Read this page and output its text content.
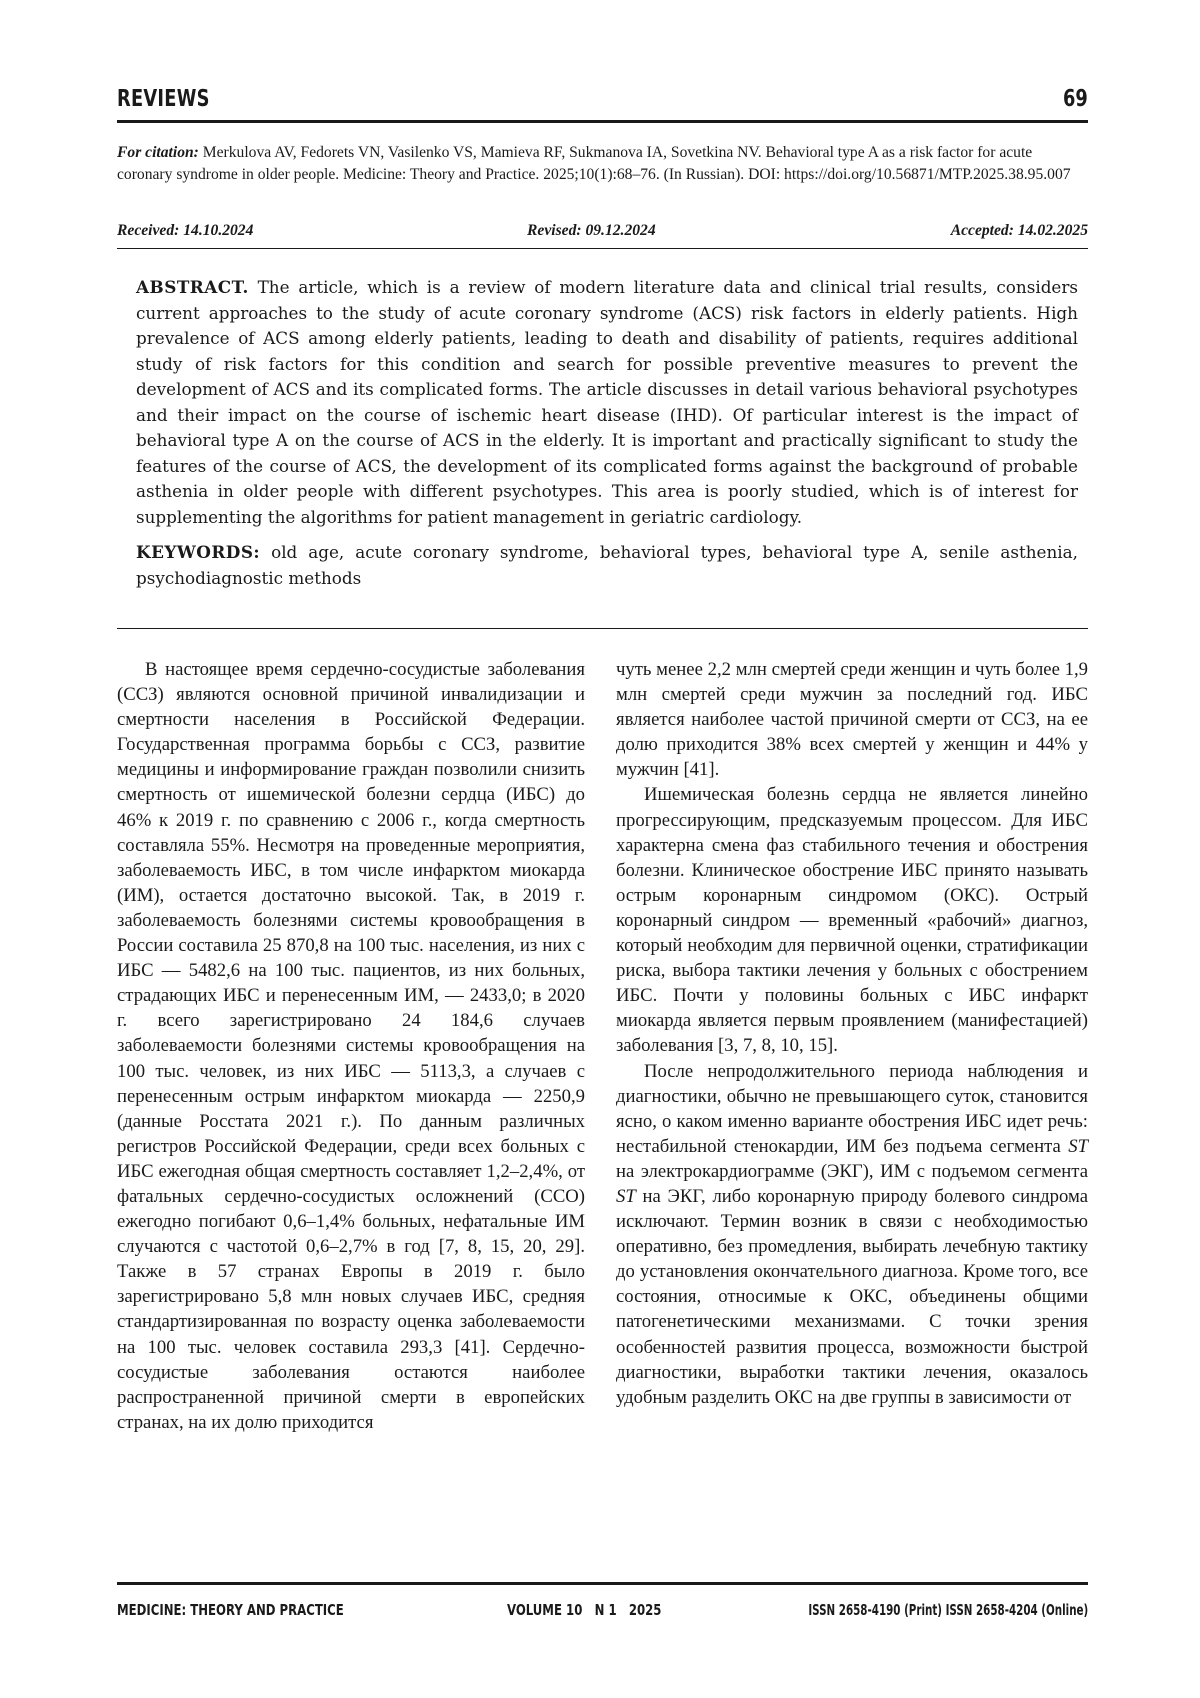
REVIEWS	69
For citation: Merkulova AV, Fedorets VN, Vasilenko VS, Mamieva RF, Sukmanova IA, Sovetkina NV. Behavioral type A as a risk factor for acute coronary syndrome in older people. Medicine: Theory and Practice. 2025;10(1):68–76. (In Russian). DOI: https://doi.org/10.56871/MTP.2025.38.95.007
Received: 14.10.2024	Revised: 09.12.2024	Accepted: 14.02.2025

ABSTRACT. The article, which is a review of modern literature data and clinical trial results, considers current approaches to the study of acute coronary syndrome (ACS) risk factors in elderly patients. High prevalence of ACS among elderly patients, leading to death and disability of patients, requires additional study of risk factors for this condition and search for possible preventive measures to prevent the development of ACS and its complicated forms. The article discusses in detail various behavioral psychotypes and their impact on the course of ischemic heart disease (IHD). Of particular interest is the impact of behavioral type A on the course of ACS in the elderly. It is important and practically significant to study the features of the course of ACS, the development of its complicated forms against the background of probable asthenia in older people with different psychotypes. This area is poorly studied, which is of interest for supplementing the algorithms for patient management in geriatric cardiology.

KEYWORDS: old age, acute coronary syndrome, behavioral types, behavioral type A, senile asthenia, psychodiagnostic methods

В настоящее время сердечно-сосудистые заболевания (ССЗ) являются основной причиной инвалидизации и смертности населения в Российской Федерации. Государственная программа борьбы с ССЗ, развитие медицины и информирование граждан позволили снизить смертность от ишемической болезни сердца (ИБС) до 46% к 2019 г. по сравнению с 2006 г., когда смертность составляла 55%. Несмотря на проведенные мероприятия, заболеваемость ИБС, в том числе инфарктом миокарда (ИМ), остается достаточно высокой. Так, в 2019 г. заболеваемость болезнями системы кровообращения в России составила 25 870,8 на 100 тыс. населения, из них с ИБС — 5482,6 на 100 тыс. пациентов, из них больных, страдающих ИБС и перенесенным ИМ, — 2433,0; в 2020 г. всего зарегистрировано 24 184,6 случаев заболеваемости болезнями системы кровообращения на 100 тыс. человек, из них ИБС — 5113,3, а случаев с перенесенным острым инфарктом миокарда — 2250,9 (данные Росстата 2021 г.). По данным различных регистров Российской Федерации, среди всех больных с ИБС ежегодная общая смертность составляет 1,2–2,4%, от фатальных сердечно-сосудистых осложнений (ССО) ежегодно погибают 0,6–1,4% больных, нефатальные ИМ случаются с частотой 0,6–2,7% в год [7, 8, 15, 20, 29]. Также в 57 странах Европы в 2019 г. было зарегистрировано 5,8 млн новых случаев ИБС, средняя стандартизированная по возрасту оценка заболеваемости на 100 тыс. человек составила 293,3 [41]. Сердечно-сосудистые заболевания остаются наиболее распространенной причиной смерти в европейских странах, на их долю приходится

чуть менее 2,2 млн смертей среди женщин и чуть более 1,9 млн смертей среди мужчин за последний год. ИБС является наиболее частой причиной смерти от ССЗ, на ее долю приходится 38% всех смертей у женщин и 44% у мужчин [41].

Ишемическая болезнь сердца не является линейно прогрессирующим, предсказуемым процессом. Для ИБС характерна смена фаз стабильного течения и обострения болезни. Клиническое обострение ИБС принято называть острым коронарным синдромом (ОКС). Острый коронарный синдром — временный «рабочий» диагноз, который необходим для первичной оценки, стратификации риска, выбора тактики лечения у больных с обострением ИБС. Почти у половины больных с ИБС инфаркт миокарда является первым проявлением (манифестацией) заболевания [3, 7, 8, 10, 15].

После непродолжительного периода наблюдения и диагностики, обычно не превышающего суток, становится ясно, о каком именно варианте обострения ИБС идет речь: нестабильной стенокардии, ИМ без подъема сегмента ST на электрокардиограмме (ЭКГ), ИМ с подъемом сегмента ST на ЭКГ, либо коронарную природу болевого синдрома исключают. Термин возник в связи с необходимостью оперативно, без промедления, выбирать лечебную тактику до установления окончательного диагноза. Кроме того, все состояния, относимые к ОКС, объединены общими патогенетическими механизмами. С точки зрения особенностей развития процесса, возможности быстрой диагностики, выработки тактики лечения, оказалось удобным разделить ОКС на две группы в зависимости от

MEDICINE: THEORY AND PRACTICE	VOLUME 10   N 1   2025	ISSN 2658-4190 (Print) ISSN 2658-4204 (Online)
